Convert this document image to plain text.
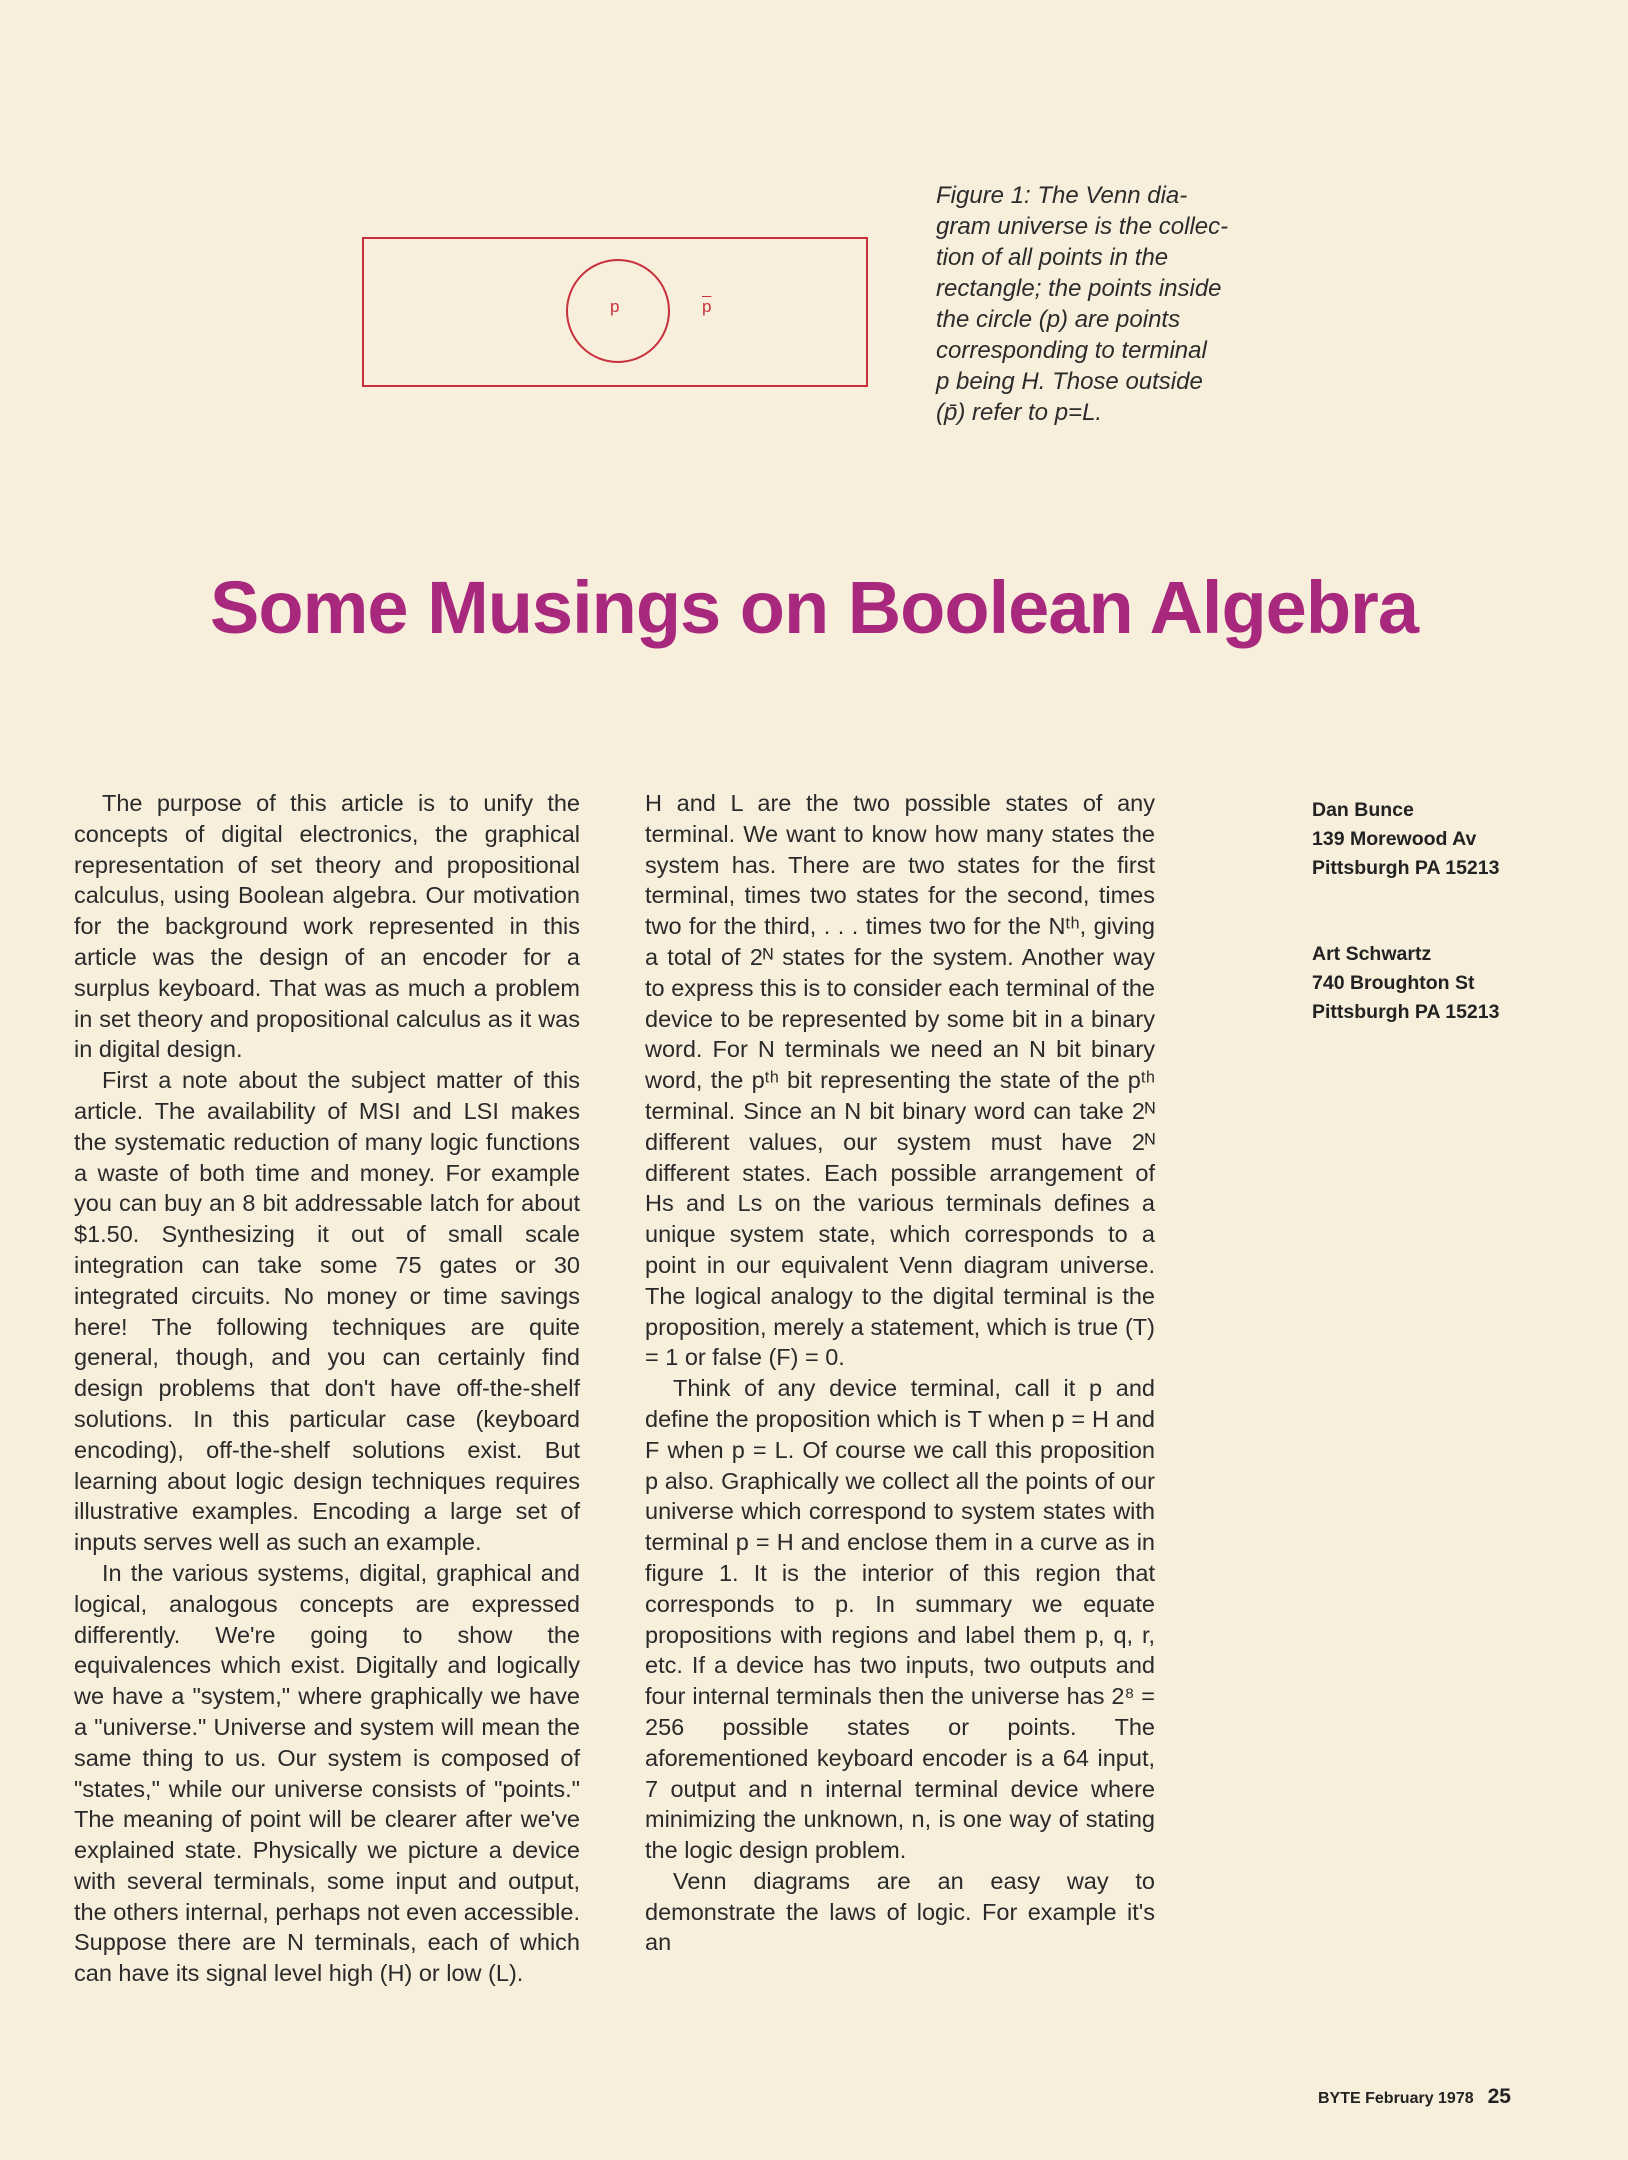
p	$\overline{p}$
Figure 1: The Venn dia-
gram universe is the collec-
tion of all points in the
rectangle; the points inside
the circle (p) are points
corresponding to terminal
p being H. Those outside
(p̄) refer to p=L.
Some Musings on Boolean Algebra

The purpose of this article is to unify the concepts of digital electronics, the graphical representation of set theory and propositional calculus, using Boolean algebra. Our motivation for the background work represented in this article was the design of an encoder for a surplus keyboard. That was as much a problem in set theory and propositional calculus as it was in digital design.

First a note about the subject matter of this article. The availability of MSI and LSI makes the systematic reduction of many logic functions a waste of both time and money. For example you can buy an 8 bit addressable latch for about $1.50. Synthesizing it out of small scale integration can take some 75 gates or 30 integrated circuits. No money or time savings here! The following techniques are quite general, though, and you can certainly find design problems that don't have off-the-shelf solutions. In this particular case (keyboard encoding), off-the-shelf solutions exist. But learning about logic design techniques requires illustrative examples. Encoding a large set of inputs serves well as such an example.

In the various systems, digital, graphical and logical, analogous concepts are expressed differently. We're going to show the equivalences which exist. Digitally and logically we have a "system," where graphically we have a "universe." Universe and system will mean the same thing to us. Our system is composed of "states," while our universe consists of "points." The meaning of point will be clearer after we've explained state. Physically we picture a device with several terminals, some input and output, the others internal, perhaps not even accessible. Suppose there are N terminals, each of which can have its signal level high (H) or low (L).

H and L are the two possible states of any terminal. We want to know how many states the system has. There are two states for the first terminal, times two states for the second, times two for the third, . . . times two for the Nᵗʰ, giving a total of 2ᴺ states for the system. Another way to express this is to consider each terminal of the device to be represented by some bit in a binary word. For N terminals we need an N bit binary word, the pᵗʰ bit representing the state of the pᵗʰ terminal. Since an N bit binary word can take 2ᴺ different values, our system must have 2ᴺ different states. Each possible arrangement of Hs and Ls on the various terminals defines a unique system state, which corresponds to a point in our equivalent Venn diagram universe. The logical analogy to the digital terminal is the proposition, merely a statement, which is true (T) = 1 or false (F) = 0.

Think of any device terminal, call it p and define the proposition which is T when p = H and F when p = L. Of course we call this proposition p also. Graphically we collect all the points of our universe which correspond to system states with terminal p = H and enclose them in a curve as in figure 1. It is the interior of this region that corresponds to p. In summary we equate propositions with regions and label them p, q, r, etc. If a device has two inputs, two outputs and four internal terminals then the universe has 2⁸ = 256 possible states or points. The aforementioned keyboard encoder is a 64 input, 7 output and n internal terminal device where minimizing the unknown, n, is one way of stating the logic design problem.

Venn diagrams are an easy way to demonstrate the laws of logic. For example it's an

Dan Bunce
139 Morewood Av
Pittsburgh PA 15213
Art Schwartz
740 Broughton St
Pittsburgh PA 15213
BYTE February 1978 25
